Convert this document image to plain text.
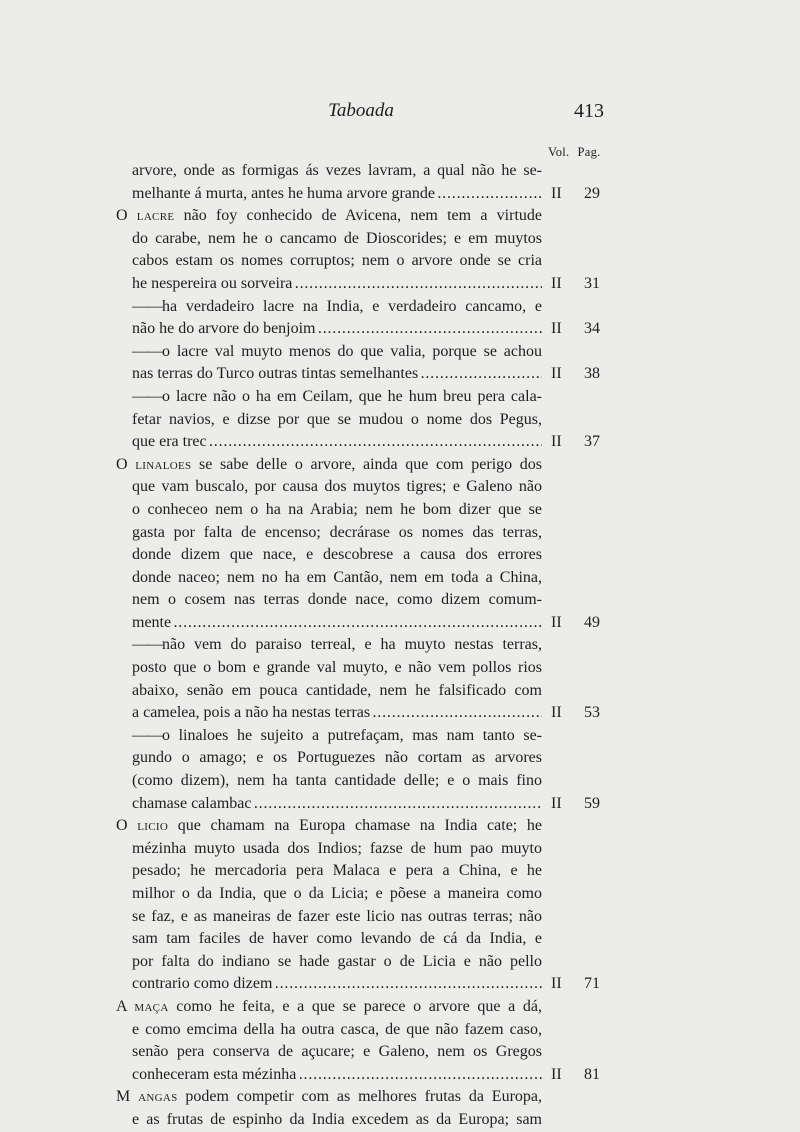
Taboada	413
Vol. Pag.
arvore, onde as formigas ás vezes lavram, a qual não he se-
melhante á murta, antes he huma arvore grande . . .	II 29
O lacre não foy conhecido de Avicena, nem tem a virtude
do carabe, nem he o cancamo de Dioscorides; e em muytos
cabos estam os nomes corruptos; nem o arvore onde se cria
he nespereira ou sorveira . . .	II 31
——ha verdadeiro lacre na India, e verdadeiro cancamo, e
não he do arvore do benjoim . . .	II 34
——o lacre val muyto menos do que valia, porque se achou
nas terras do Turco outras tintas semelhantes . . .	II 38
——o lacre não o ha em Ceilam, que he hum breu pera cala-
fetar navios, e dizse por que se mudou o nome dos Pegus,
que era trec . . .	II 37
O linaloes se sabe delle o arvore, ainda que com perigo dos
que vam buscalo, por causa dos muytos tigres; e Galeno não
o conheceo nem o ha na Arabia; nem he bom dizer que se
gasta por falta de encenso; decrárase os nomes das terras,
donde dizem que nace, e descobrese a causa dos errores
donde naceo; nem no ha em Cantão, nem em toda a China,
nem o cosem nas terras donde nace, como dizem comum-
mente . . .	II 49
——não vem do paraiso terreal, e ha muyto nestas terras,
posto que o bom e grande val muyto, e não vem pollos rios
abaixo, senão em pouca cantidade, nem he falsificado com
a camelea, pois a não ha nestas terras . . .	II 53
——o linaloes he sujeito a putrefaçam, mas nam tanto se-
gundo o amago; e os Portuguezes não cortam as arvores
(como dizem), nem ha tanta cantidade delle; e o mais fino
chamase calambac . . .	II 59
O licio que chamam na Europa chamase na India cate; he
mézinha muyto usada dos Indios; fazse de hum pao muyto
pesado; he mercadoria pera Malaca e pera a China, e he
milhor o da India, que o da Licia; e põese a maneira como
se faz, e as maneiras de fazer este licio nas outras terras; não
sam tam faciles de haver como levando de cá da India, e
por falta do indiano se hade gastar o de Licia e não pello
contrario como dizem . . .	II 71
A maça como he feita, e a que se parece o arvore que a dá,
e como emcima della ha outra casca, de que não fazem caso,
senão pera conserva de açucare; e Galeno, nem os Gregos
conheceram esta mézinha . . .	II 81
M angas podem competir com as melhores frutas da Europa,
e as frutas de espinho da India excedem as da Europa; sam
